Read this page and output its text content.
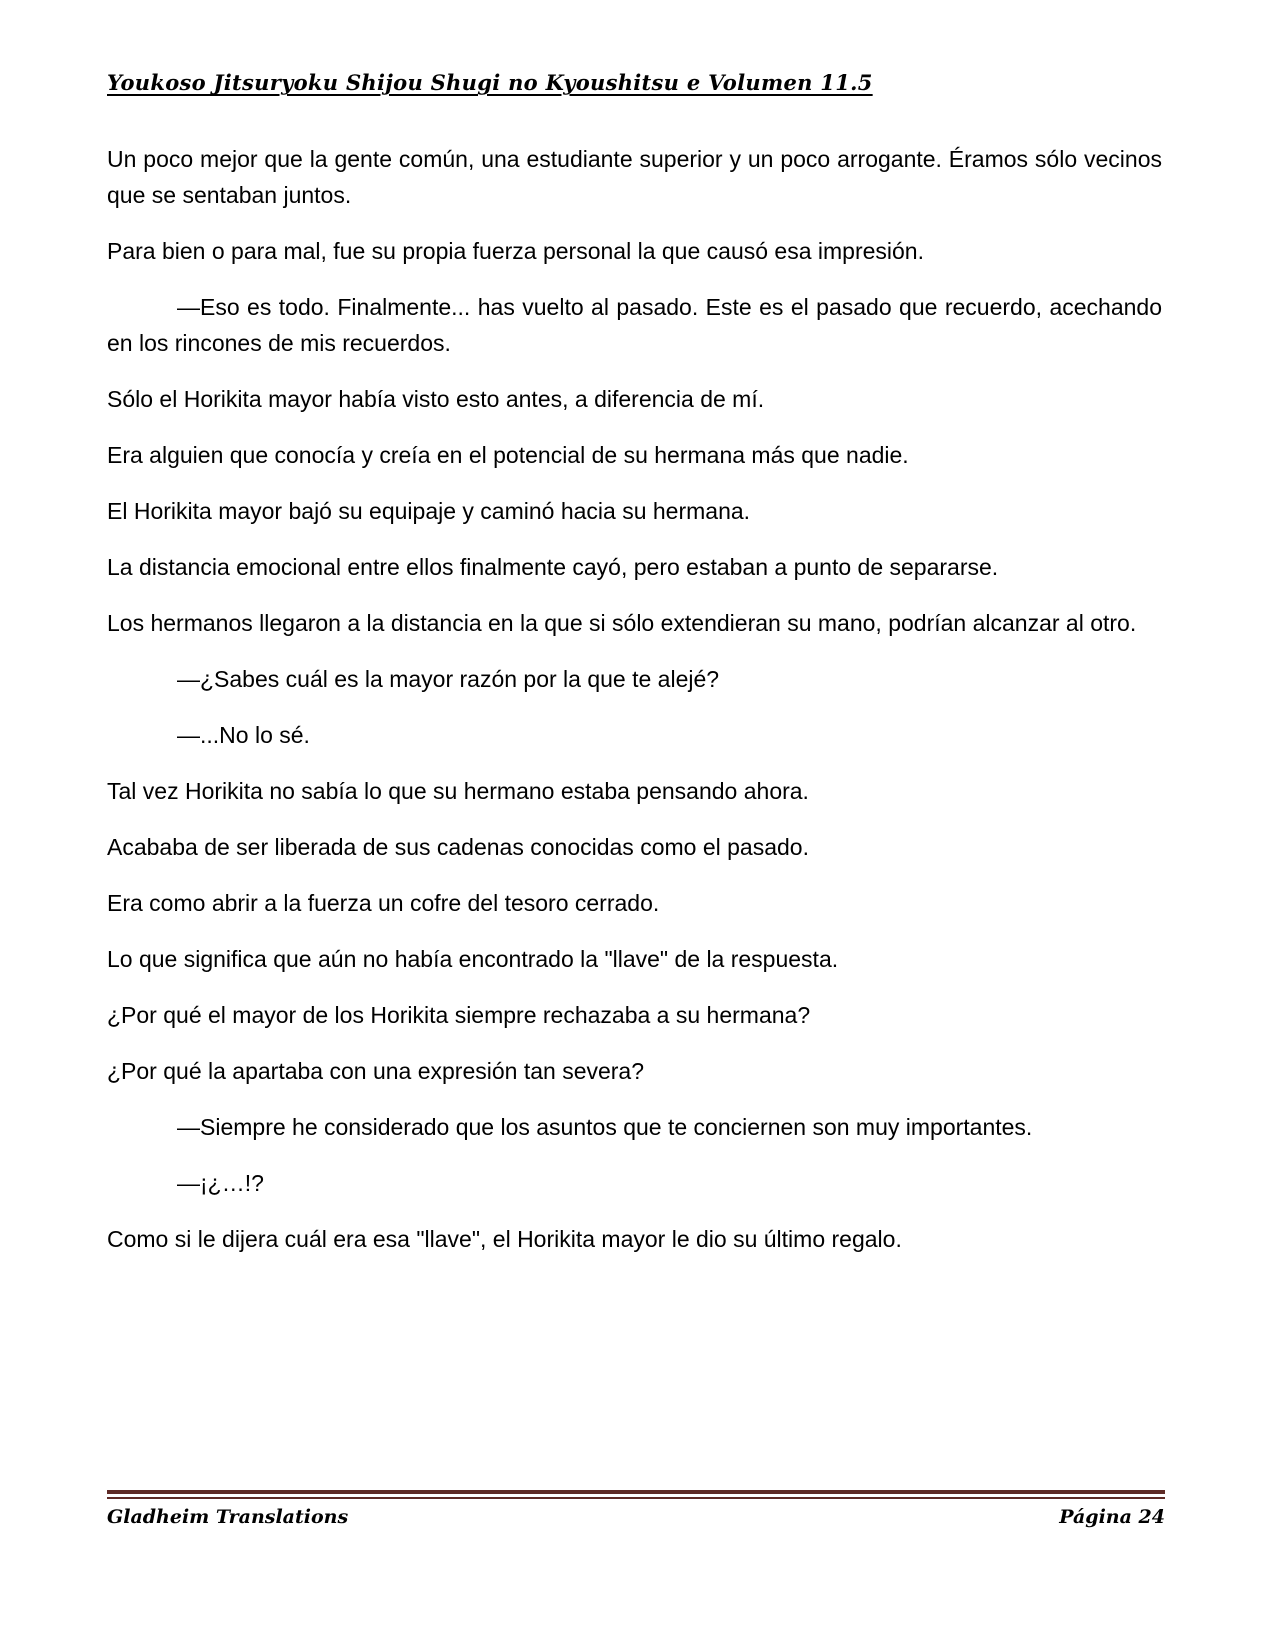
Youkoso Jitsuryoku Shijou Shugi no Kyoushitsu e Volumen 11.5

Un poco mejor que la gente común, una estudiante superior y un poco arrogante. Éramos sólo vecinos que se sentaban juntos.

Para bien o para mal, fue su propia fuerza personal la que causó esa impresión.

—Eso es todo. Finalmente... has vuelto al pasado. Este es el pasado que recuerdo, acechando en los rincones de mis recuerdos.

Sólo el Horikita mayor había visto esto antes, a diferencia de mí.

Era alguien que conocía y creía en el potencial de su hermana más que nadie.

El Horikita mayor bajó su equipaje y caminó hacia su hermana.

La distancia emocional entre ellos finalmente cayó, pero estaban a punto de separarse.

Los hermanos llegaron a la distancia en la que si sólo extendieran su mano, podrían alcanzar al otro.

—¿Sabes cuál es la mayor razón por la que te alejé?

—...No lo sé.

Tal vez Horikita no sabía lo que su hermano estaba pensando ahora.

Acababa de ser liberada de sus cadenas conocidas como el pasado.

Era como abrir a la fuerza un cofre del tesoro cerrado.

Lo que significa que aún no había encontrado la "llave" de la respuesta.

¿Por qué el mayor de los Horikita siempre rechazaba a su hermana?

¿Por qué la apartaba con una expresión tan severa?

—Siempre he considerado que los asuntos que te conciernen son muy importantes.

—¡¿…!?

Como si le dijera cuál era esa "llave", el Horikita mayor le dio su último regalo.

Gladheim Translations	Página 24
